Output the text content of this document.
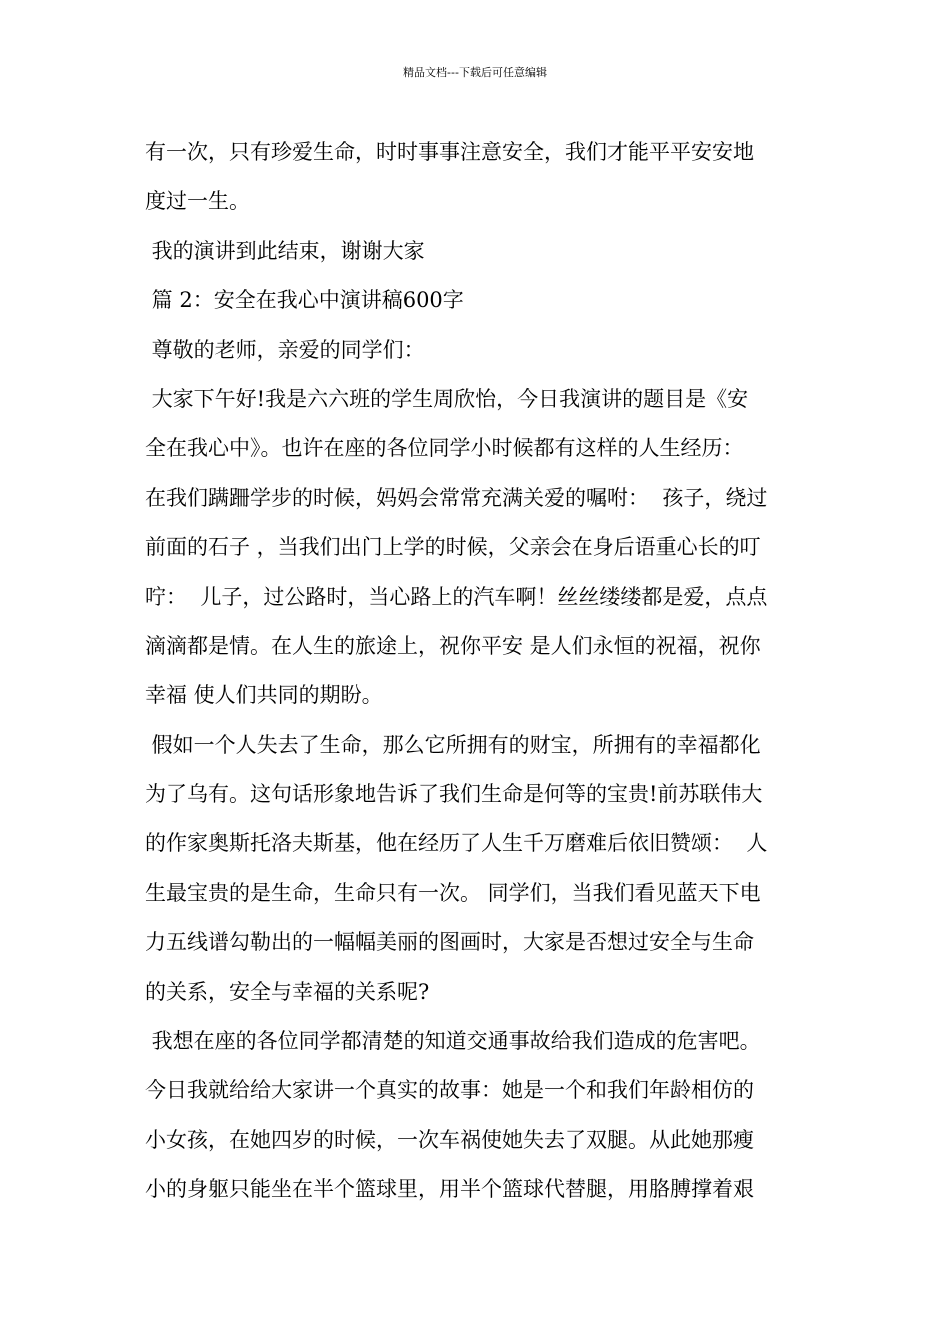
精品文档---下载后可任意编辑
有一次，只有珍爱生命，时时事事注意安全，我们才能平平安安地
度过一生。
我的演讲到此结束，谢谢大家
篇 2：安全在我心中演讲稿600字
尊敬的老师，亲爱的同学们：
大家下午好!我是六六班的学生周欣怡，今日我演讲的题目是《安
全在我心中》。也许在座的各位同学小时候都有这样的人生经历：
在我们蹒跚学步的时候，妈妈会常常充满关爱的嘱咐：  孩子，绕过
前面的石子 ，当我们出门上学的时候，父亲会在身后语重心长的叮
咛：  儿子，过公路时，当心路上的汽车啊！丝丝缕缕都是爱，点点
滴滴都是情。在人生的旅途上，祝你平安 是人们永恒的祝福，祝你
幸福 使人们共同的期盼。
假如一个人失去了生命，那么它所拥有的财宝，所拥有的幸福都化
为了乌有。这句话形象地告诉了我们生命是何等的宝贵!前苏联伟大
的作家奥斯托洛夫斯基，他在经历了人生千万磨难后依旧赞颂：  人
生最宝贵的是生命，生命只有一次。 同学们，当我们看见蓝天下电
力五线谱勾勒出的一幅幅美丽的图画时，大家是否想过安全与生命
的关系，安全与幸福的关系呢?
我想在座的各位同学都清楚的知道交通事故给我们造成的危害吧。
今日我就给给大家讲一个真实的故事：她是一个和我们年龄相仿的
小女孩，在她四岁的时候，一次车祸使她失去了双腿。从此她那瘦
小的身躯只能坐在半个篮球里，用半个篮球代替腿，用胳膊撑着艰
